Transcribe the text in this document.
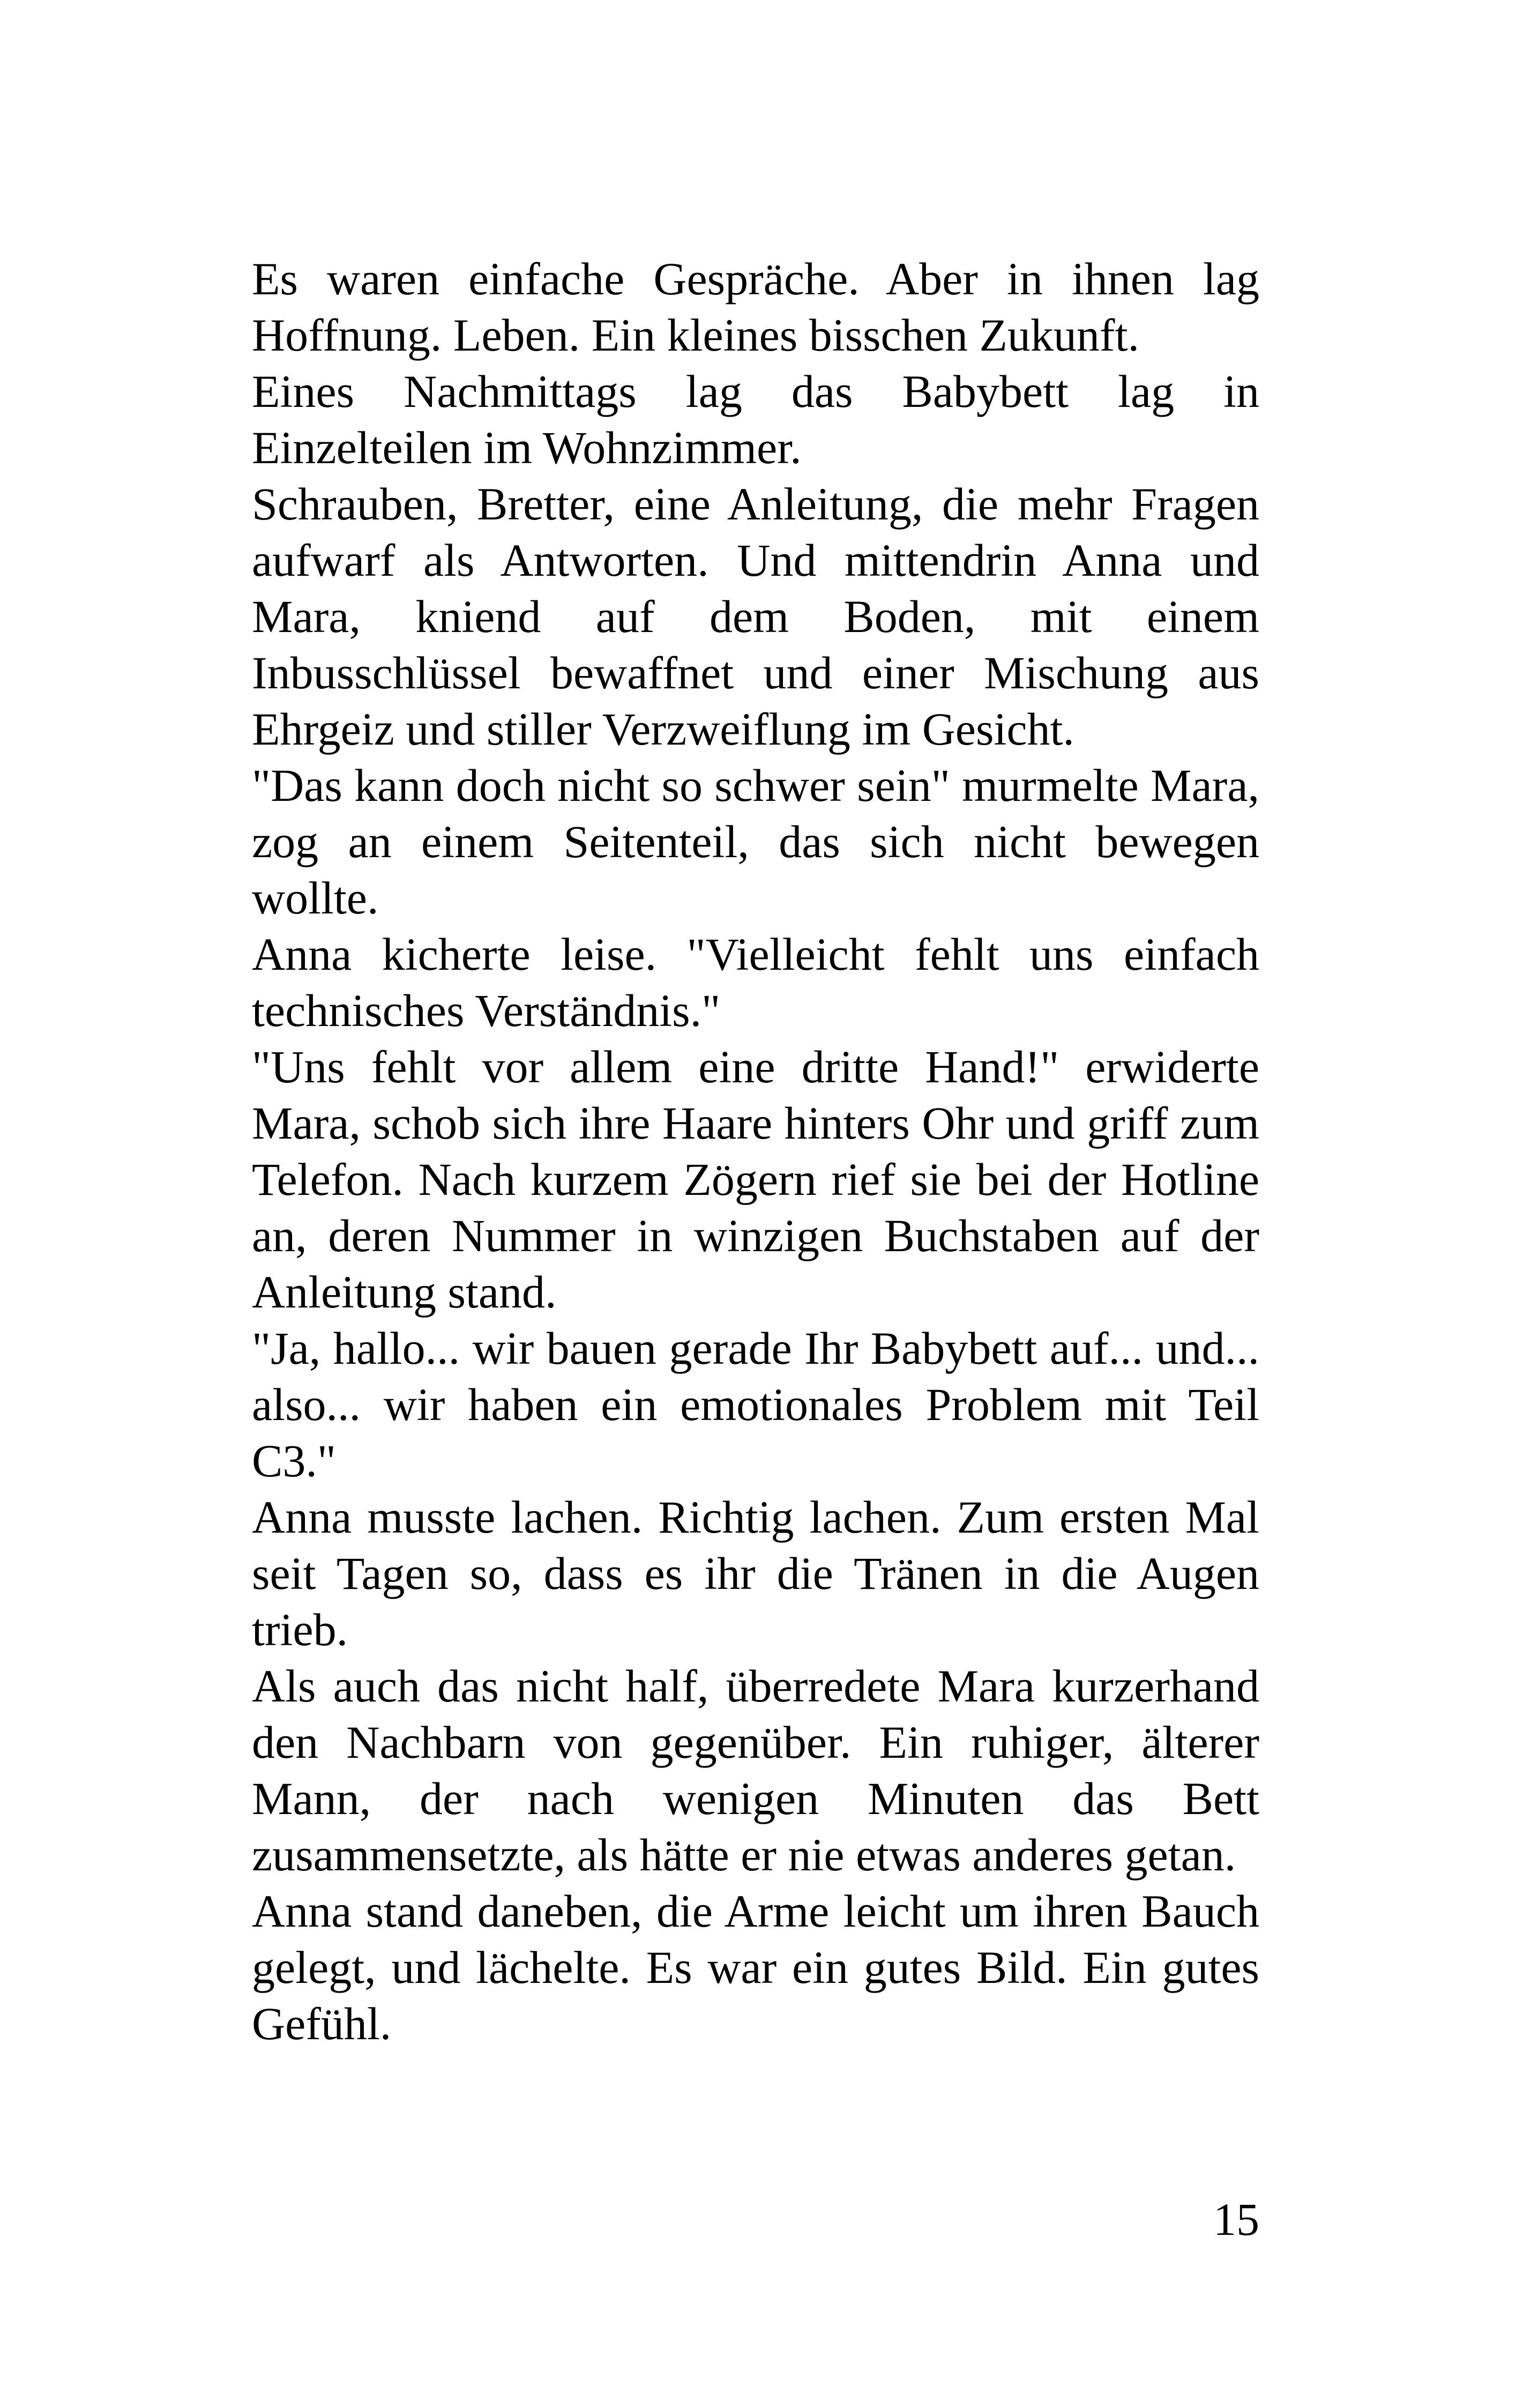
Es waren einfache Gespräche. Aber in ihnen lag Hoffnung. Leben. Ein kleines bisschen Zukunft.

Eines Nachmittags lag das Babybett lag in Einzelteilen im Wohnzimmer.

Schrauben, Bretter, eine Anleitung, die mehr Fragen aufwarf als Antworten. Und mittendrin Anna und Mara, kniend auf dem Boden, mit einem Inbusschlüssel bewaffnet und einer Mischung aus Ehrgeiz und stiller Verzweiflung im Gesicht.

"Das kann doch nicht so schwer sein" murmelte Mara, zog an einem Seitenteil, das sich nicht bewegen wollte.

Anna kicherte leise. "Vielleicht fehlt uns einfach technisches Verständnis."

"Uns fehlt vor allem eine dritte Hand!" erwiderte Mara, schob sich ihre Haare hinters Ohr und griff zum Telefon. Nach kurzem Zögern rief sie bei der Hotline an, deren Nummer in winzigen Buchstaben auf der Anleitung stand.

"Ja, hallo... wir bauen gerade Ihr Babybett auf... und... also... wir haben ein emotionales Problem mit Teil C3."

Anna musste lachen. Richtig lachen. Zum ersten Mal seit Tagen so, dass es ihr die Tränen in die Augen trieb.

Als auch das nicht half, überredete Mara kurzerhand den Nachbarn von gegenüber. Ein ruhiger, älterer Mann, der nach wenigen Minuten das Bett zusammensetzte, als hätte er nie etwas anderes getan.

Anna stand daneben, die Arme leicht um ihren Bauch gelegt, und lächelte. Es war ein gutes Bild. Ein gutes Gefühl.

15
